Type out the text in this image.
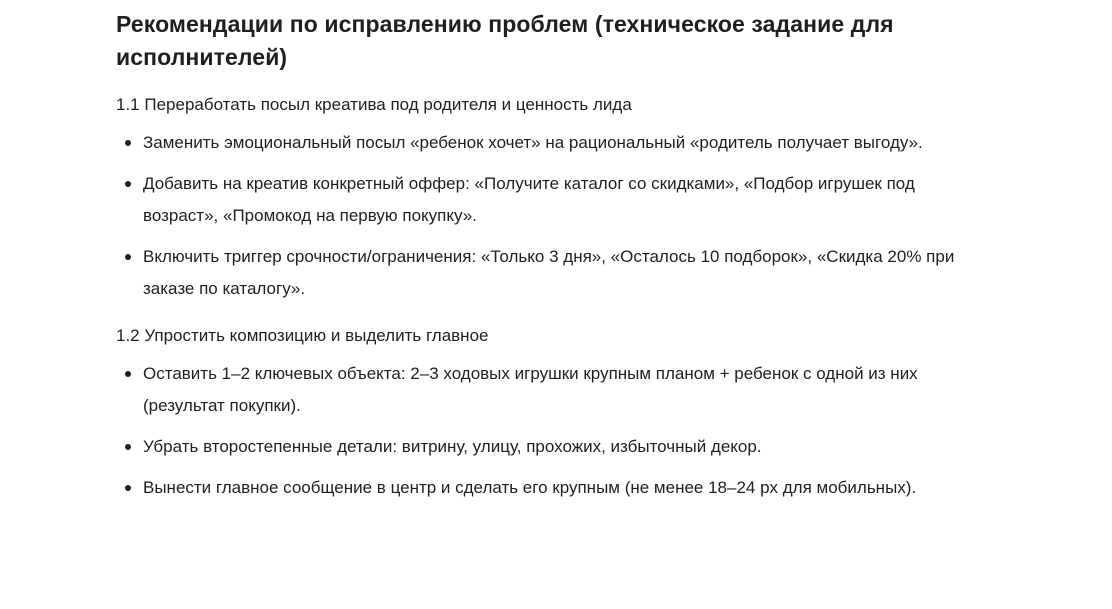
Рекомендации по исправлению проблем (техническое задание для исполнителей)
1.1 Переработать посыл креатива под родителя и ценность лида
Заменить эмоциональный посыл «ребенок хочет» на рациональный «родитель получает выгоду».
Добавить на креатив конкретный оффер: «Получите каталог со скидками», «Подбор игрушек под возраст», «Промокод на первую покупку».
Включить триггер срочности/ограничения: «Только 3 дня», «Осталось 10 подборок», «Скидка 20% при заказе по каталогу».
1.2 Упростить композицию и выделить главное
Оставить 1–2 ключевых объекта: 2–3 ходовых игрушки крупным планом + ребенок с одной из них (результат покупки).
Убрать второстепенные детали: витрину, улицу, прохожих, избыточный декор.
Вынести главное сообщение в центр и сделать его крупным (не менее 18–24 px для мобильных).
